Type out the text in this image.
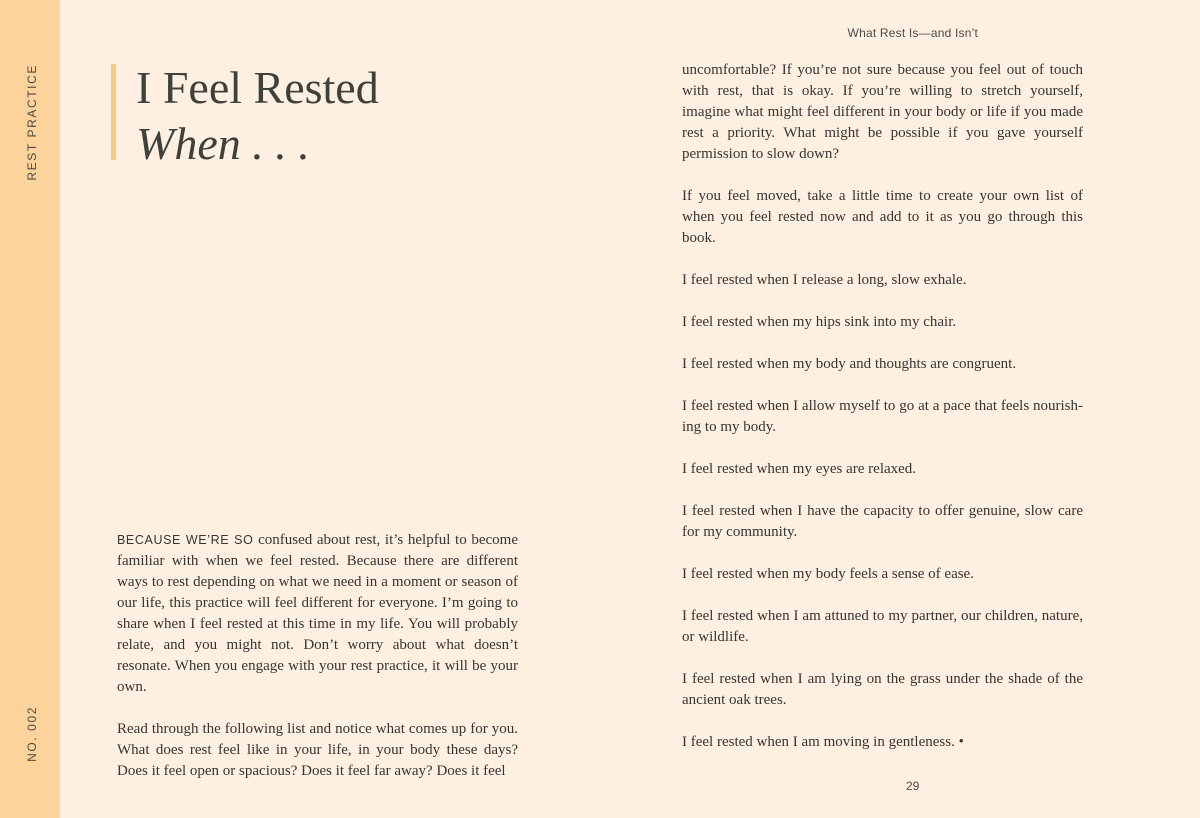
REST PRACTICE
NO. 002
What Rest Is—and Isn’t
I Feel Rested
When . . .

BECAUSE WE’RE SO confused about rest, it’s helpful to become familiar with when we feel rested. Because there are different ways to rest depending on what we need in a moment or season of our life, this practice will feel different for everyone. I’m going to share when I feel rested at this time in my life. You will probably relate, and you might not. Don’t worry about what doesn’t resonate. When you engage with your rest practice, it will be your own.

Read through the following list and notice what comes up for you. What does rest feel like in your life, in your body these days? Does it feel open or spacious? Does it feel far away? Does it feel

uncomfortable? If you’re not sure because you feel out of touch with rest, that is okay. If you’re willing to stretch yourself, imagine what might feel different in your body or life if you made rest a priority. What might be possible if you gave yourself permission to slow down?

If you feel moved, take a little time to create your own list of when you feel rested now and add to it as you go through this book.

I feel rested when I release a long, slow exhale.

I feel rested when my hips sink into my chair.

I feel rested when my body and thoughts are congruent.

I feel rested when I allow myself to go at a pace that feels nourish-ing to my body.

I feel rested when my eyes are relaxed.

I feel rested when I have the capacity to offer genuine, slow care for my community.

I feel rested when my body feels a sense of ease.

I feel rested when I am attuned to my partner, our children, nature, or wildlife.

I feel rested when I am lying on the grass under the shade of the ancient oak trees.

I feel rested when I am moving in gentleness. •

29
